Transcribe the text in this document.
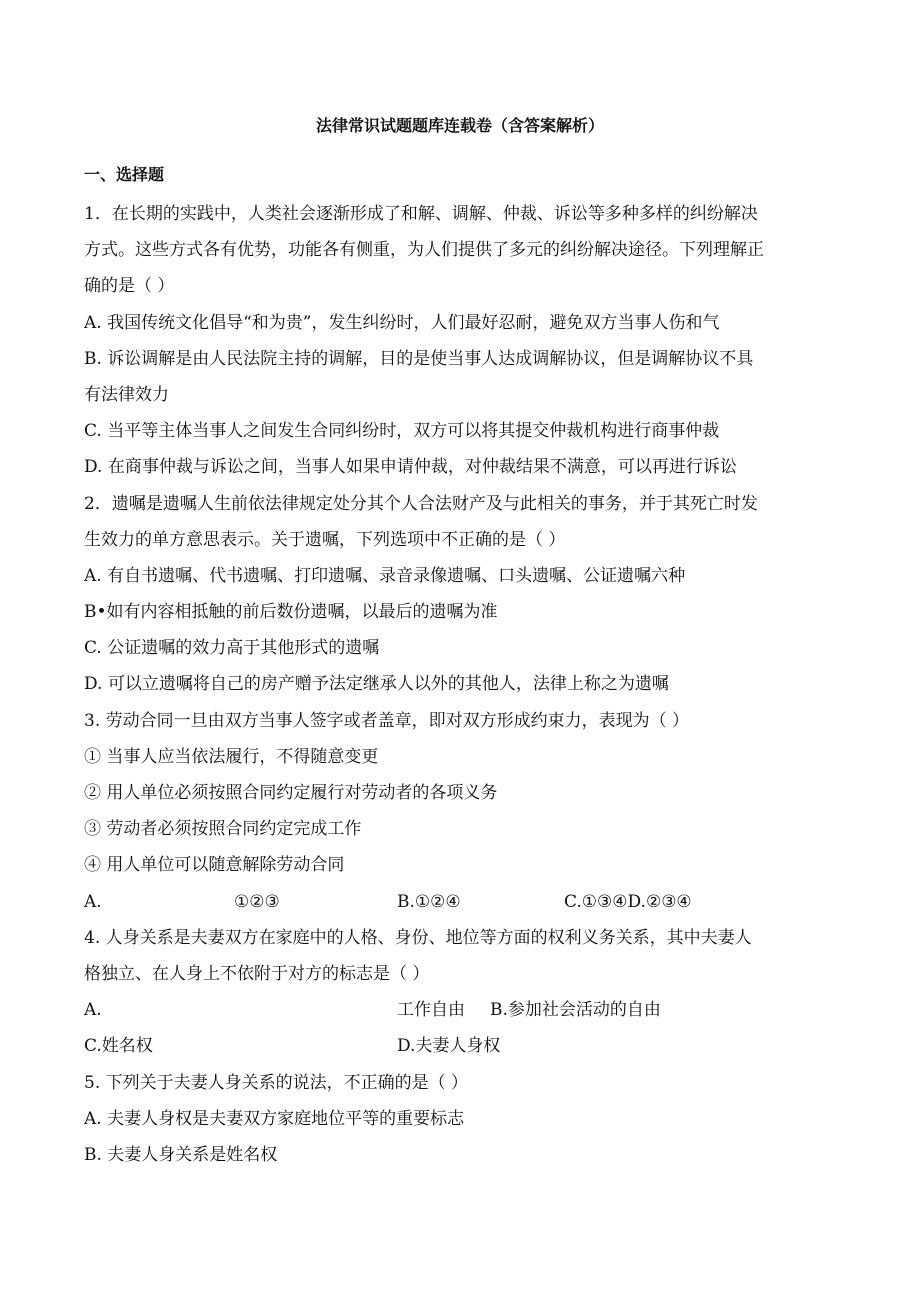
法律常识试题题库连载卷（含答案解析）
一、选择题
1．在长期的实践中，人类社会逐渐形成了和解、调解、仲裁、诉讼等多种多样的纠纷解决
方式。这些方式各有优势，功能各有侧重，为人们提供了多元的纠纷解决途径。下列理解正
确的是（ ）
A. 我国传统文化倡导“和为贵”，发生纠纷时，人们最好忍耐，避免双方当事人伤和气
B. 诉讼调解是由人民法院主持的调解，目的是使当事人达成调解协议，但是调解协议不具
有法律效力
C. 当平等主体当事人之间发生合同纠纷时，双方可以将其提交仲裁机构进行商事仲裁
D. 在商事仲裁与诉讼之间，当事人如果申请仲裁，对仲裁结果不满意，可以再进行诉讼
2．遗嘱是遗嘱人生前依法律规定处分其个人合法财产及与此相关的事务，并于其死亡时发
生效力的单方意思表示。关于遗嘱，下列选项中不正确的是（ ）
A. 有自书遗嘱、代书遗嘱、打印遗嘱、录音录像遗嘱、口头遗嘱、公证遗嘱六种
B•如有内容相抵触的前后数份遗嘱，以最后的遗嘱为准
C. 公证遗嘱的效力高于其他形式的遗嘱
D. 可以立遗嘱将自己的房产赠予法定继承人以外的其他人，法律上称之为遗嘱
3. 劳动合同一旦由双方当事人签字或者盖章，即对双方形成约束力，表现为（ ）
① 当事人应当依法履行，不得随意变更
② 用人单位必须按照合同约定履行对劳动者的各项义务
③ 劳动者必须按照合同约定完成工作
④ 用人单位可以随意解除劳动合同
A.	①②③	B.①②④	C.①③④D.②③④
4. 人身关系是夫妻双方在家庭中的人格、身份、地位等方面的权利义务关系，其中夫妻人
格独立、在人身上不依附于对方的标志是（ ）
A.	工作自由 B.参加社会活动的自由
C.姓名权	D.夫妻人身权
5. 下列关于夫妻人身关系的说法，不正确的是（ ）
A. 夫妻人身权是夫妻双方家庭地位平等的重要标志
B. 夫妻人身关系是姓名权
